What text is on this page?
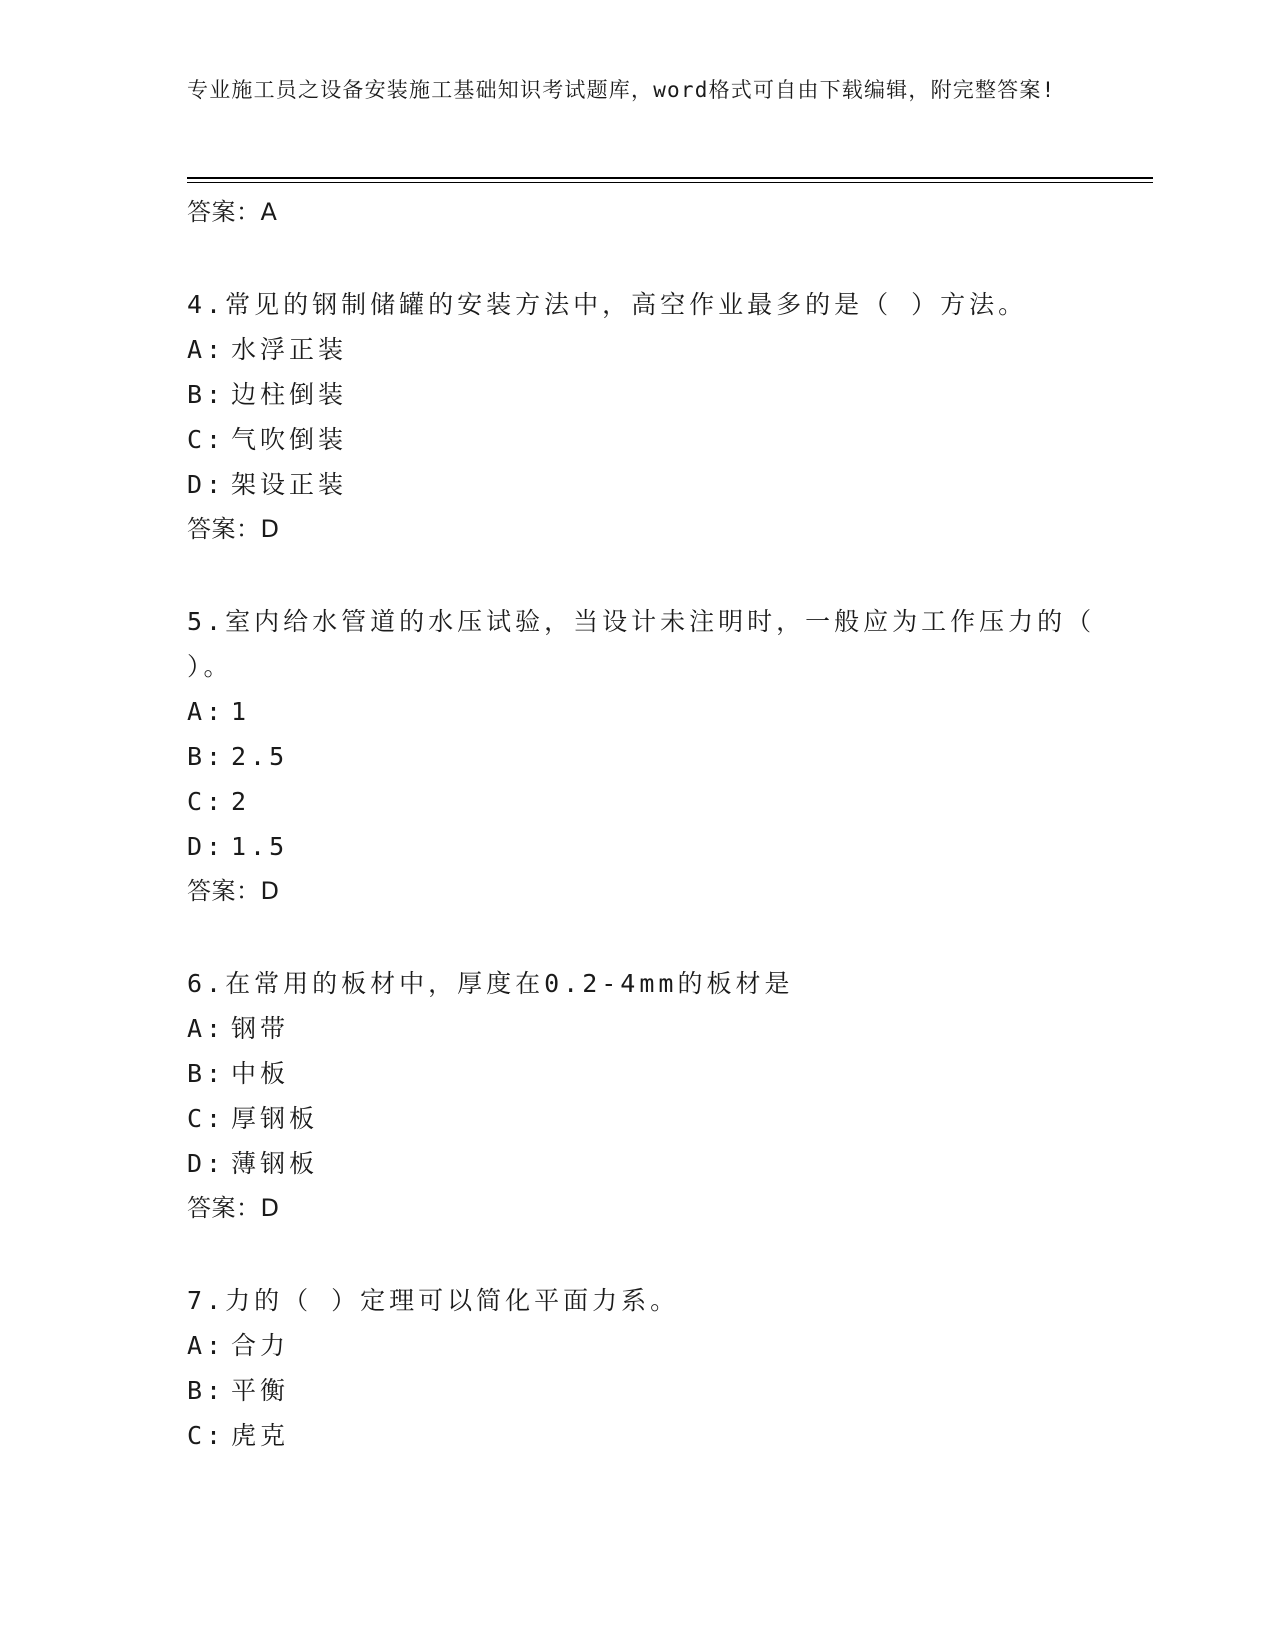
专业施工员之设备安装施工基础知识考试题库，word格式可自由下载编辑，附完整答案!
答案：A
4.常见的钢制储罐的安装方法中，高空作业最多的是（ ）方法。
A: 水浮正装
B: 边柱倒装
C: 气吹倒装
D: 架设正装
答案：D
5.室内给水管道的水压试验，当设计未注明时，一般应为工作压力的（ ）。
A: 1
B: 2.5
C: 2
D: 1.5
答案：D
6.在常用的板材中，厚度在0.2-4mm的板材是
A: 钢带
B: 中板
C: 厚钢板
D: 薄钢板
答案：D
7.力的（ ）定理可以简化平面力系。
A: 合力
B: 平衡
C: 虎克
